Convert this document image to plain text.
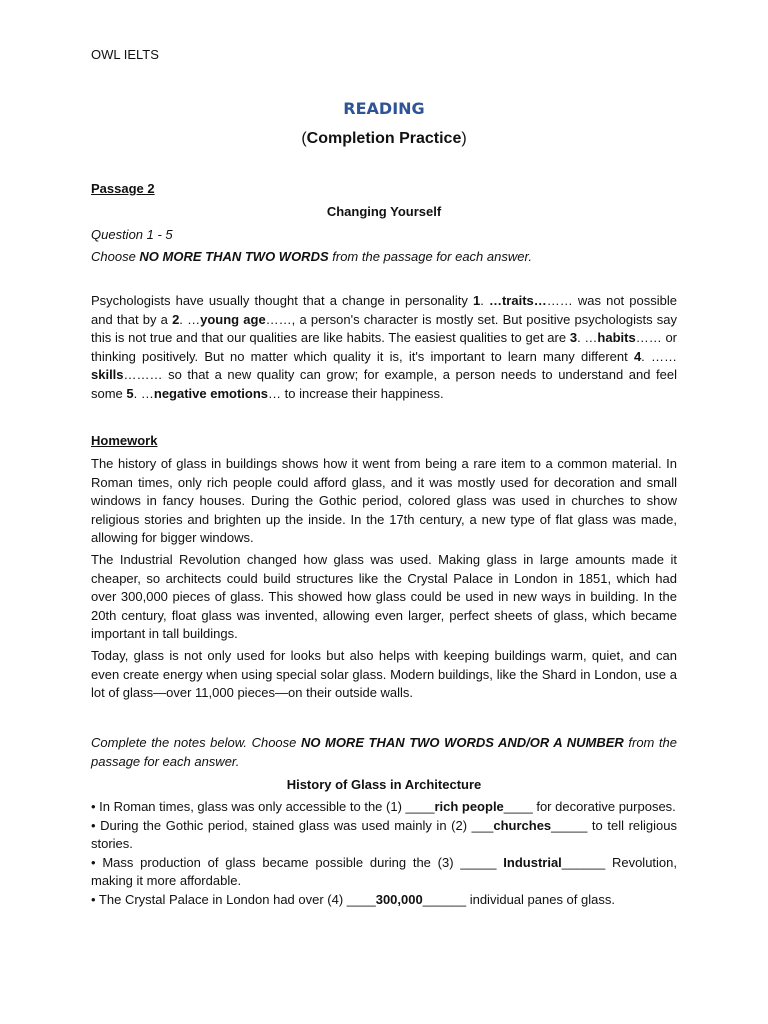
OWL IELTS
READING
(Completion Practice)
Passage 2
Changing Yourself
Question 1 - 5
Choose NO MORE THAN TWO WORDS from the passage for each answer.
Psychologists have usually thought that a change in personality 1. …traits……… was not possible and that by a 2. …young age……, a person's character is mostly set. But positive psychologists say this is not true and that our qualities are like habits. The easiest qualities to get are 3. …habits…… or thinking positively. But no matter which quality it is, it's important to learn many different 4. ……skills……… so that a new quality can grow; for example, a person needs to understand and feel some 5. …negative emotions… to increase their happiness.
Homework

The history of glass in buildings shows how it went from being a rare item to a common material. In Roman times, only rich people could afford glass, and it was mostly used for decoration and small windows in fancy houses. During the Gothic period, colored glass was used in churches to show religious stories and brighten up the inside. In the 17th century, a new type of flat glass was made, allowing for bigger windows.

The Industrial Revolution changed how glass was used. Making glass in large amounts made it cheaper, so architects could build structures like the Crystal Palace in London in 1851, which had over 300,000 pieces of glass. This showed how glass could be used in new ways in building. In the 20th century, float glass was invented, allowing even larger, perfect sheets of glass, which became important in tall buildings.

Today, glass is not only used for looks but also helps with keeping buildings warm, quiet, and can even create energy when using special solar glass. Modern buildings, like the Shard in London, use a lot of glass—over 11,000 pieces—on their outside walls.

Complete the notes below. Choose NO MORE THAN TWO WORDS AND/OR A NUMBER from the passage for each answer.
History of Glass in Architecture

• In Roman times, glass was only accessible to the (1) ____rich people____ for decorative purposes.

• During the Gothic period, stained glass was used mainly in (2) ___churches_____ to tell religious stories.

• Mass production of glass became possible during the (3) _____ Industrial______ Revolution, making it more affordable.

• The Crystal Palace in London had over (4) ____300,000______ individual panes of glass.
